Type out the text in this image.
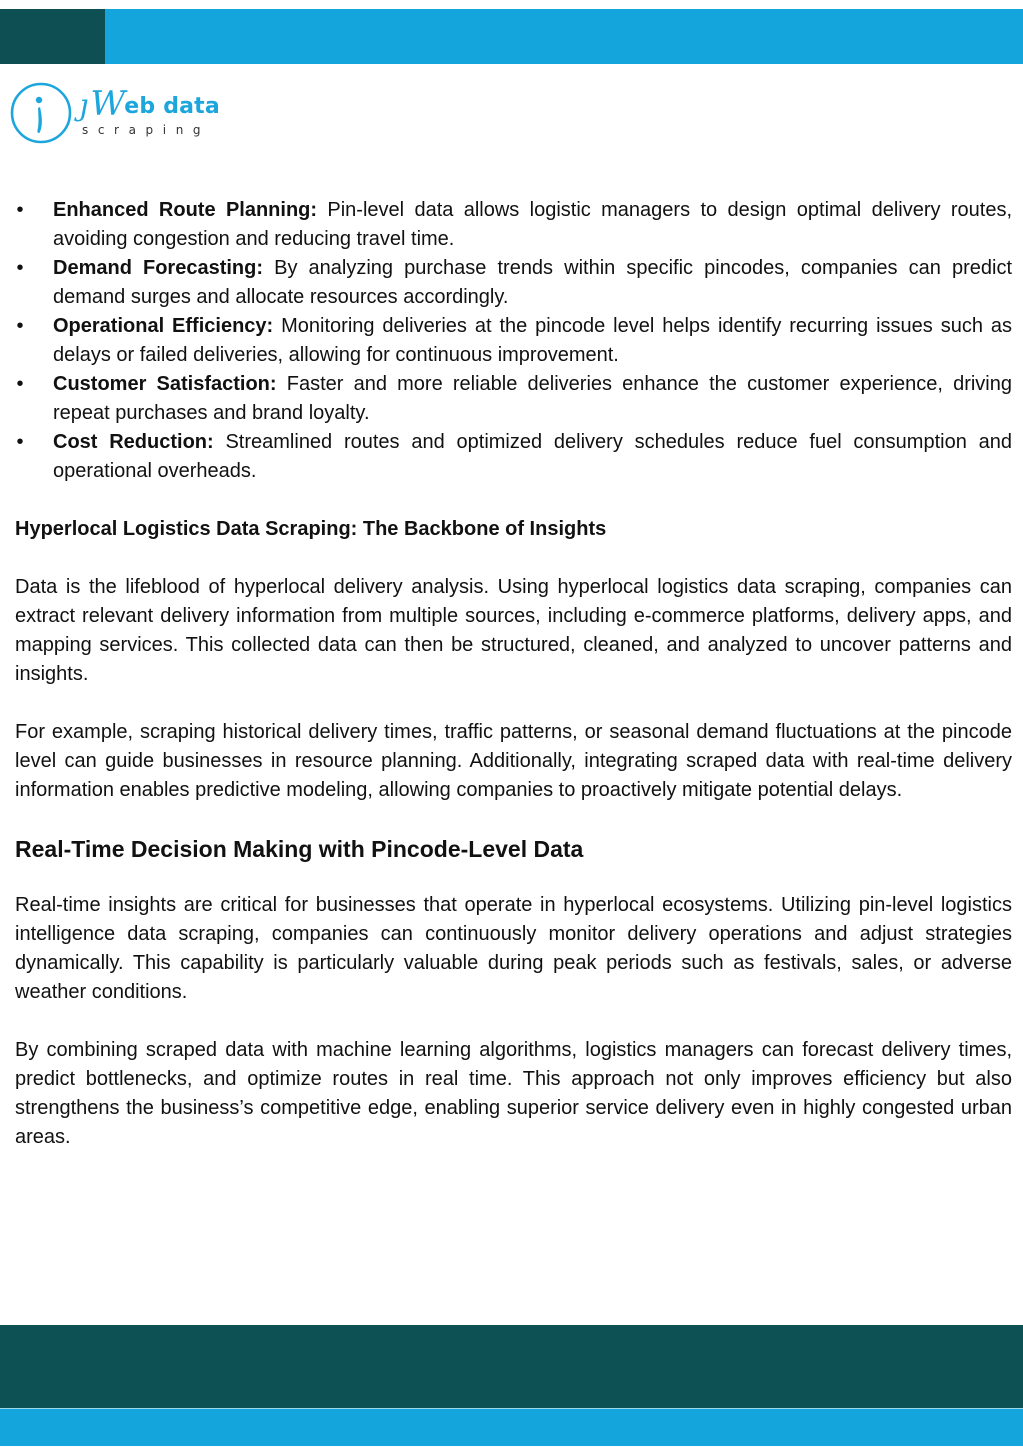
ȷ W eb data
scraping
• Enhanced Route Planning: Pin-level data allows logistic managers to design optimal delivery routes, avoiding congestion and reducing travel time.
• Demand Forecasting: By analyzing purchase trends within specific pincodes, companies can predict demand surges and allocate resources accordingly.
• Operational Efficiency: Monitoring deliveries at the pincode level helps identify recurring issues such as delays or failed deliveries, allowing for continuous improvement.
• Customer Satisfaction: Faster and more reliable deliveries enhance the customer experience, driving repeat purchases and brand loyalty.
• Cost Reduction: Streamlined routes and optimized delivery schedules reduce fuel consumption and operational overheads.
Hyperlocal Logistics Data Scraping: The Backbone of Insights

Data is the lifeblood of hyperlocal delivery analysis. Using hyperlocal logistics data scraping, companies can extract relevant delivery information from multiple sources, including e-commerce platforms, delivery apps, and mapping services. This collected data can then be structured, cleaned, and analyzed to uncover patterns and insights.

For example, scraping historical delivery times, traffic patterns, or seasonal demand fluctuations at the pincode level can guide businesses in resource planning. Additionally, integrating scraped data with real-time delivery information enables predictive modeling, allowing companies to proactively mitigate potential delays.

Real-Time Decision Making with Pincode-Level Data

Real-time insights are critical for businesses that operate in hyperlocal ecosystems. Utilizing pin-level logistics intelligence data scraping, companies can continuously monitor delivery operations and adjust strategies dynamically. This capability is particularly valuable during peak periods such as festivals, sales, or adverse weather conditions.

By combining scraped data with machine learning algorithms, logistics managers can forecast delivery times, predict bottlenecks, and optimize routes in real time. This approach not only improves efficiency but also strengthens the business’s competitive edge, enabling superior service delivery even in highly congested urban areas.
